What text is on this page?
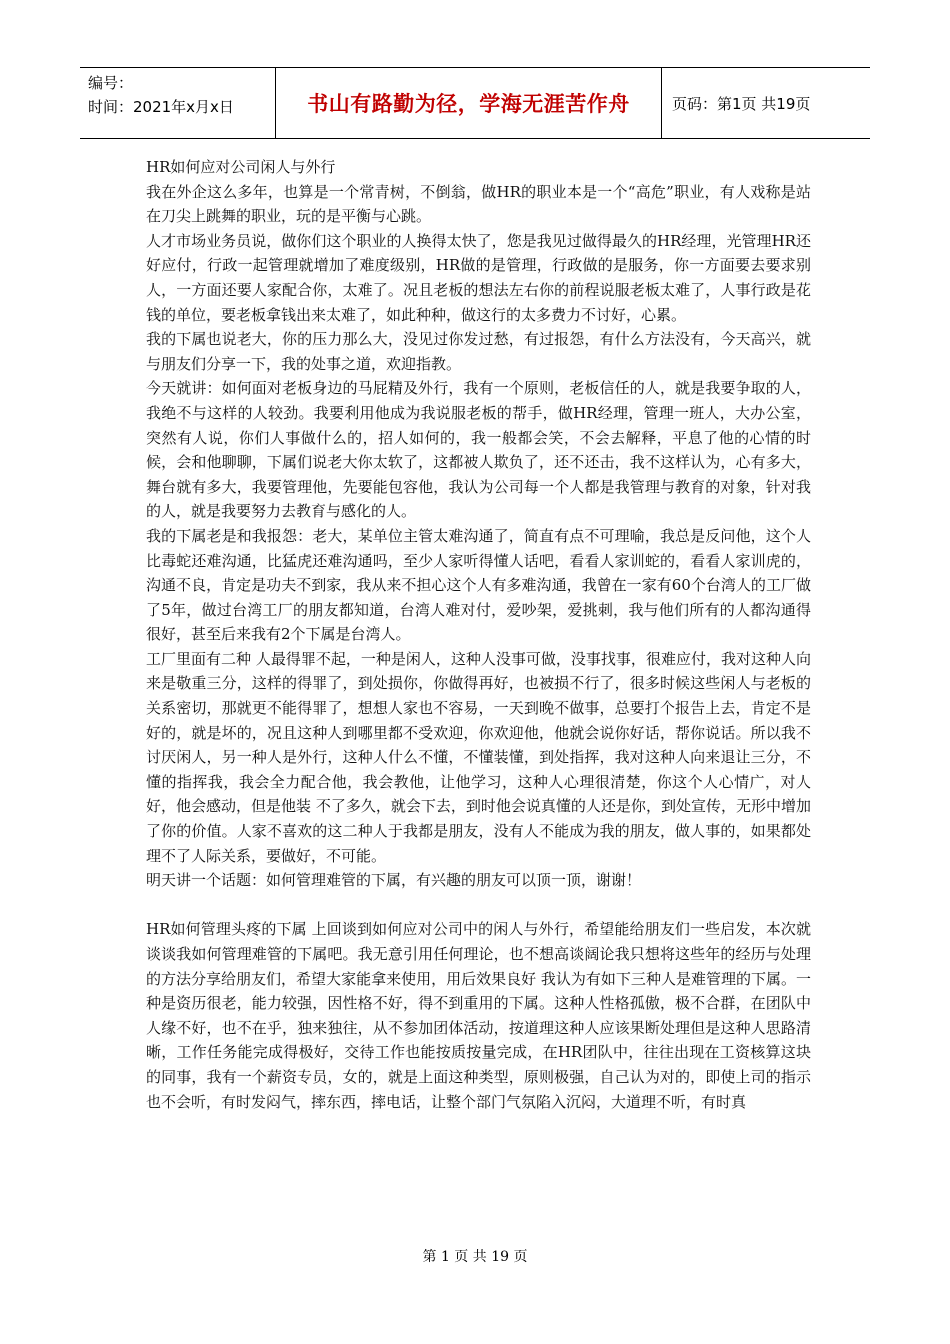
编号：
时间：2021年x月x日	书山有路勤为径，学海无涯苦作舟	页码：第1页 共19页

HR如何应对公司闲人与外行

我在外企这么多年，也算是一个常青树，不倒翁，做HR的职业本是一个“高危”职业，有人戏称是站在刀尖上跳舞的职业，玩的是平衡与心跳。

人才市场业务员说，做你们这个职业的人换得太快了，您是我见过做得最久的HR经理，光管理HR还好应付，行政一起管理就增加了难度级别，HR做的是管理，行政做的是服务，你一方面要去要求别人，一方面还要人家配合你，太难了。况且老板的想法左右你的前程说服老板太难了，人事行政是花钱的单位，要老板拿钱出来太难了，如此种种，做这行的太多费力不讨好，心累。

我的下属也说老大，你的压力那么大，没见过你发过愁，有过报怨，有什么方法没有，今天高兴，就与朋友们分享一下，我的处事之道，欢迎指教。

今天就讲：如何面对老板身边的马屁精及外行，我有一个原则，老板信任的人，就是我要争取的人，我绝不与这样的人较劲。我要利用他成为我说服老板的帮手，做HR经理，管理一班人，大办公室，突然有人说，你们人事做什么的，招人如何的，我一般都会笑，不会去解释，平息了他的心情的时候，会和他聊聊，下属们说老大你太软了，这都被人欺负了，还不还击，我不这样认为，心有多大，舞台就有多大，我要管理他，先要能包容他，我认为公司每一个人都是我管理与教育的对象，针对我的人，就是我要努力去教育与感化的人。

我的下属老是和我报怨：老大，某单位主管太难沟通了，简直有点不可理喻，我总是反问他，这个人比毒蛇还难沟通，比猛虎还难沟通吗，至少人家听得懂人话吧，看看人家训蛇的，看看人家训虎的，沟通不良，肯定是功夫不到家，我从来不担心这个人有多难沟通，我曾在一家有60个台湾人的工厂做了5年，做过台湾工厂的朋友都知道，台湾人难对付，爱吵架，爱挑刺，我与他们所有的人都沟通得很好，甚至后来我有2个下属是台湾人。

工厂里面有二种 人最得罪不起，一种是闲人，这种人没事可做，没事找事，很难应付，我对这种人向来是敬重三分，这样的得罪了，到处损你，你做得再好，也被损不行了，很多时候这些闲人与老板的关系密切，那就更不能得罪了，想想人家也不容易，一天到晚不做事，总要打个报告上去，肯定不是好的，就是坏的，况且这种人到哪里都不受欢迎，你欢迎他，他就会说你好话，帮你说话。所以我不讨厌闲人，另一种人是外行，这种人什么不懂，不懂装懂，到处指挥，我对这种人向来退让三分，不懂的指挥我，我会全力配合他，我会教他，让他学习，这种人心理很清楚，你这个人心情广，对人好，他会感动，但是他装 不了多久，就会下去，到时他会说真懂的人还是你，到处宣传，无形中增加了你的价值。人家不喜欢的这二种人于我都是朋友，没有人不能成为我的朋友，做人事的，如果都处理不了人际关系，要做好，不可能。

明天讲一个话题：如何管理难管的下属，有兴趣的朋友可以顶一顶，谢谢！

HR如何管理头疼的下属 上回谈到如何应对公司中的闲人与外行，希望能给朋友们一些启发，本次就谈谈我如何管理难管的下属吧。我无意引用任何理论，也不想高谈阔论我只想将这些年的经历与处理的方法分享给朋友们，希望大家能拿来使用，用后效果良好 我认为有如下三种人是难管理的下属。一种是资历很老，能力较强，因性格不好，得不到重用的下属。这种人性格孤傲，极不合群，在团队中人缘不好，也不在乎，独来独往，从不参加团体活动，按道理这种人应该果断处理但是这种人思路清晰，工作任务能完成得极好，交待工作也能按质按量完成，在HR团队中，往往出现在工资核算这块的同事，我有一个薪资专员，女的，就是上面这种类型，原则极强，自己认为对的，即使上司的指示也不会听，有时发闷气，摔东西，摔电话，让整个部门气氛陷入沉闷，大道理不听，有时真

第 1 页 共 19 页
